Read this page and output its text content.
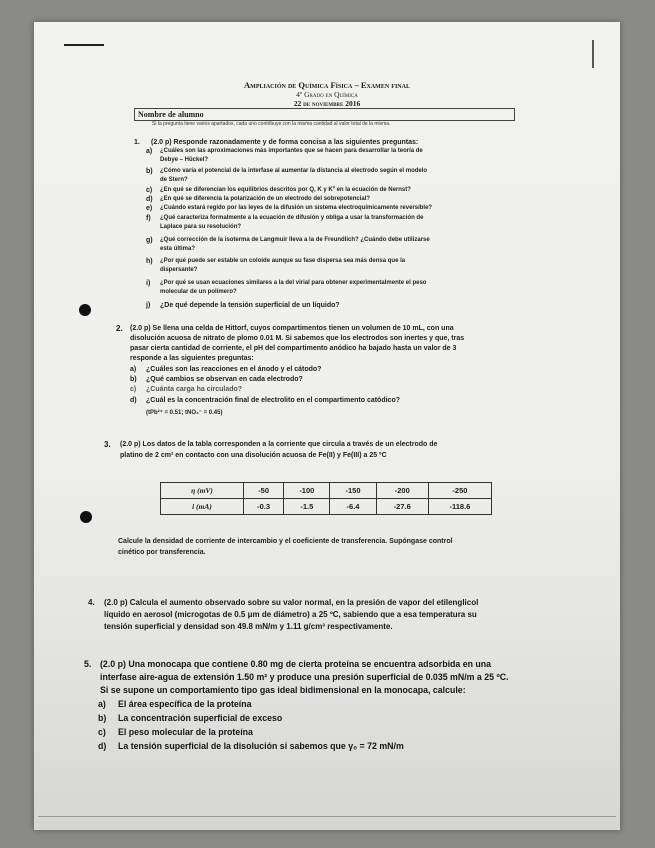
Ampliación de Química Física – Examen final
4º Grado en Química
22 de noviembre 2016
Nombre de alumno
Si la pregunta tiene varios apartados, cada uno contribuye con la misma cantidad al valor total de la misma.
1. (2.0 p) Responde razonadamente y de forma concisa a las siguientes preguntas:
a) ¿Cuáles son las aproximaciones más importantes que se hacen para desarrollar la teoría de
Debye – Hückel?
b) ¿Cómo varía el potencial de la interfase al aumentar la distancia al electrodo según el modelo
de Stern?
c) ¿En qué se diferencian los equilibrios descritos por Q, K y Kº en la ecuación de Nernst?
d) ¿En qué se diferencia la polarización de un electrodo del sobrepotencial?
e) ¿Cuándo estará regido por las leyes de la difusión un sistema electroquímicamente reversible?
f) ¿Qué caracteriza formalmente a la ecuación de difusión y obliga a usar la transformación de
Laplace para su resolución?
g) ¿Qué corrección de la isoterma de Langmuir lleva a la de Freundlich? ¿Cuándo debe utilizarse
esta última?
h) ¿Por qué puede ser estable un coloide aunque su fase dispersa sea más densa que la
dispersante?
i) ¿Por qué se usan ecuaciones similares a la del virial para obtener experimentalmente el peso
molecular de un polímero?
j) ¿De qué depende la tensión superficial de un líquido?
2. (2.0 p) Se llena una celda de Hittorf, cuyos compartimentos tienen un volumen de 10 mL, con una
disolución acuosa de nitrato de plomo 0.01 M. Si sabemos que los electrodos son inertes y que, tras
pasar cierta cantidad de corriente, el pH del compartimento anódico ha bajado hasta un valor de 3
responde a las siguientes preguntas:
a) ¿Cuáles son las reacciones en el ánodo y el cátodo?
b) ¿Qué cambios se observan en cada electrodo?
c) ¿Cuánta carga ha circulado?
d) ¿Cuál es la concentración final de electrolito en el compartimento catódico?
(tPb²⁺ = 0.51; tNO₃⁻ = 0.45)
3. (2.0 p) Los datos de la tabla corresponden a la corriente que circula a través de un electrodo de
platino de 2 cm² en contacto con una disolución acuosa de Fe(II) y Fe(III) a 25 ºC
η (mV)	-50	-100	-150	-200	-250
i (mA)	-0.3	-1.5	-6.4	-27.6	-118.6
Calcule la densidad de corriente de intercambio y el coeficiente de transferencia. Supóngase control
cinético por transferencia.
4. (2.0 p) Calcula el aumento observado sobre su valor normal, en la presión de vapor del etilenglicol
líquido en aerosol (microgotas de 0.5 μm de diámetro) a 25 ºC, sabiendo que a esa temperatura su
tensión superficial y densidad son 49.8 mN/m y 1.11 g/cm³ respectivamente.
5. (2.0 p) Una monocapa que contiene 0.80 mg de cierta proteína se encuentra adsorbida en una
interfase aire-agua de extensión 1.50 m² y produce una presión superficial de 0.035 mN/m a 25 ºC.
Si se supone un comportamiento tipo gas ideal bidimensional en la monocapa, calcule:
a) El área específica de la proteína
b) La concentración superficial de exceso
c) El peso molecular de la proteína
d) La tensión superficial de la disolución si sabemos que γ₀ = 72 mN/m
